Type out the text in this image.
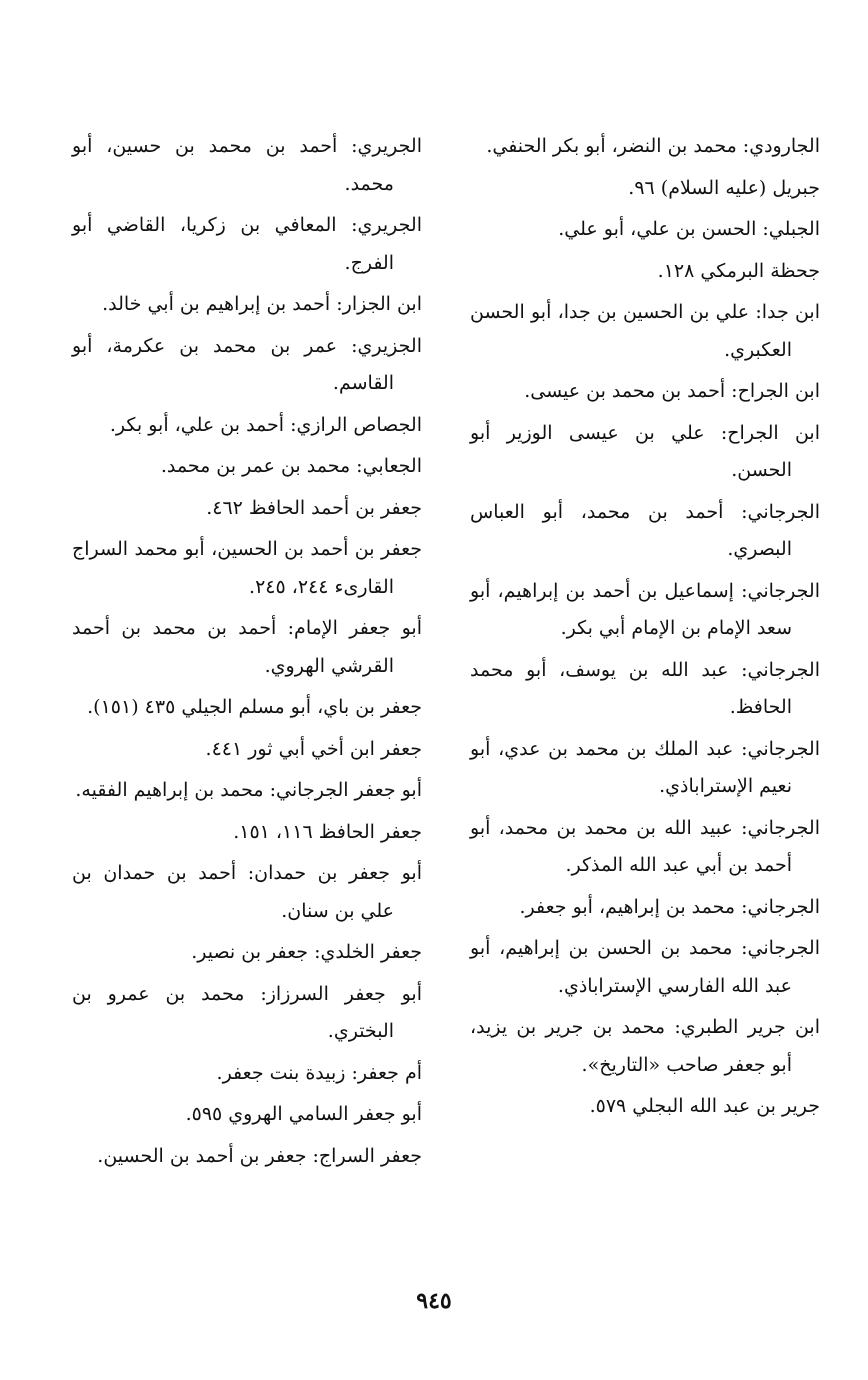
الجارودي: محمد بن النضر، أبو بكر الحنفي.

جبريل (عليه السلام) ٩٦.

الجبلي: الحسن بن علي، أبو علي.

جحظة البرمكي ١٢٨.

ابن جدا: علي بن الحسين بن جدا، أبو الحسن العكبري.

ابن الجراح: أحمد بن محمد بن عيسى.

ابن الجراح: علي بن عيسى الوزير أبو الحسن.

الجرجاني: أحمد بن محمد، أبو العباس البصري.

الجرجاني: إسماعيل بن أحمد بن إبراهيم، أبو سعد الإمام بن الإمام أبي بكر.

الجرجاني: عبد الله بن يوسف، أبو محمد الحافظ.

الجرجاني: عبد الملك بن محمد بن عدي، أبو نعيم الإستراباذي.

الجرجاني: عبيد الله بن محمد بن محمد، أبو أحمد بن أبي عبد الله المذكر.

الجرجاني: محمد بن إبراهيم، أبو جعفر.

الجرجاني: محمد بن الحسن بن إبراهيم، أبو عبد الله الفارسي الإستراباذي.

ابن جرير الطبري: محمد بن جرير بن يزيد، أبو جعفر صاحب «التاريخ».

جرير بن عبد الله البجلي ٥٧٩.

الجريري: أحمد بن محمد بن حسين، أبو محمد.

الجريري: المعافي بن زكريا، القاضي أبو الفرج.

ابن الجزار: أحمد بن إبراهيم بن أبي خالد.

الجزيري: عمر بن محمد بن عكرمة، أبو القاسم.

الجصاص الرازي: أحمد بن علي، أبو بكر.

الجعابي: محمد بن عمر بن محمد.

جعفر بن أحمد الحافظ ٤٦٢.

جعفر بن أحمد بن الحسين، أبو محمد السراج القارىء ٢٤٤، ٢٤٥.

أبو جعفر الإمام: أحمد بن محمد بن أحمد القرشي الهروي.

جعفر بن باي، أبو مسلم الجيلي ٤٣٥ (١٥١).

جعفر ابن أخي أبي ثور ٤٤١.

أبو جعفر الجرجاني: محمد بن إبراهيم الفقيه.

جعفر الحافظ ١١٦، ١٥١.

أبو جعفر بن حمدان: أحمد بن حمدان بن علي بن سنان.

جعفر الخلدي: جعفر بن نصير.

أبو جعفر السرزاز: محمد بن عمرو بن البختري.

أم جعفر: زبيدة بنت جعفر.

أبو جعفر السامي الهروي ٥٩٥.

جعفر السراج: جعفر بن أحمد بن الحسين.

٩٤٥
